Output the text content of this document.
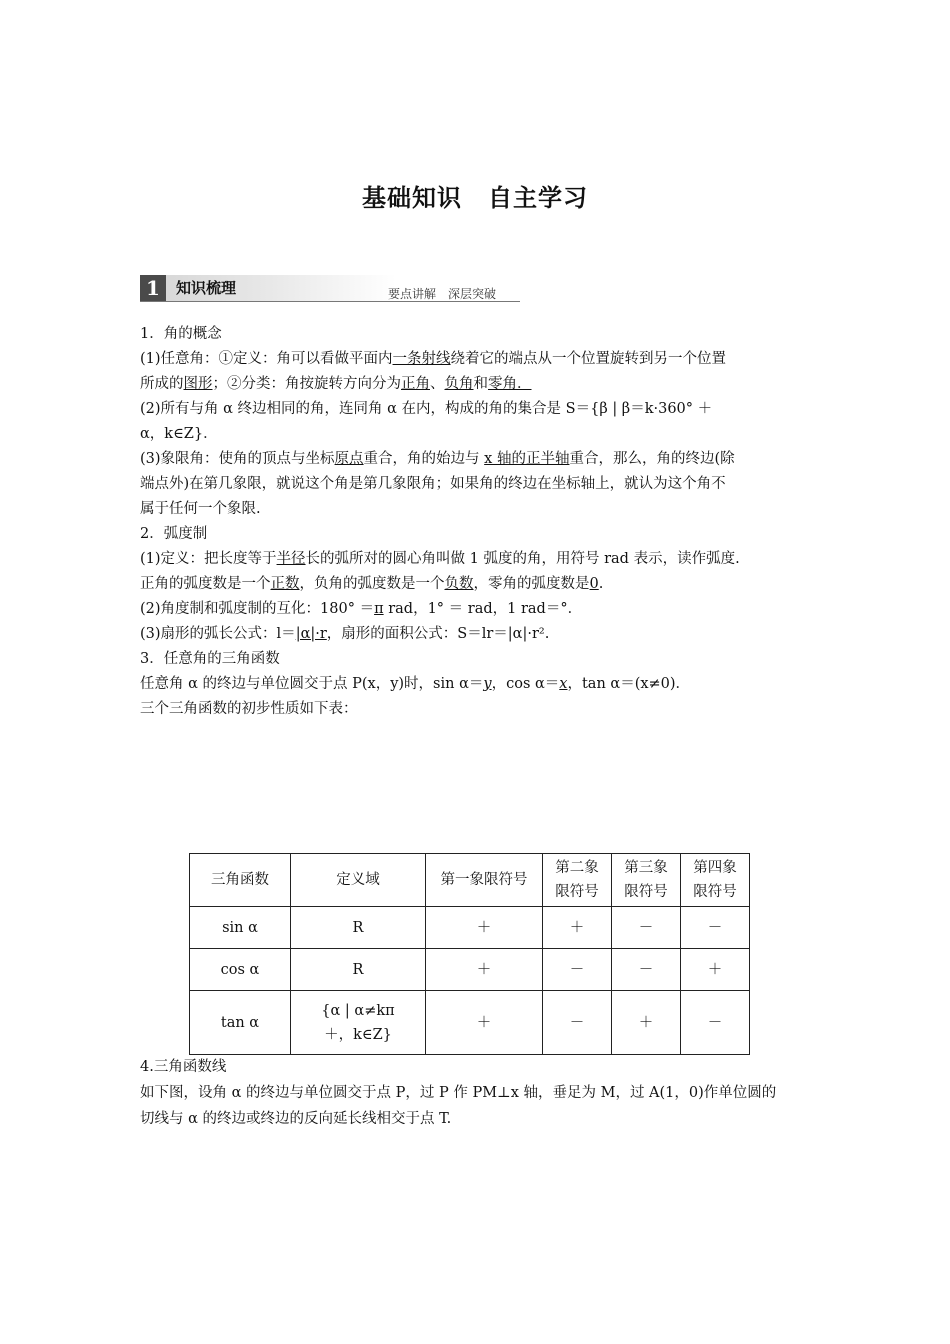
基础知识 自主学习
1	知识梳理	要点讲解　深层突破

1．角的概念

(1)任意角：①定义：角可以看做平面内一条射线绕着它的端点从一个位置旋转到另一个位置

所成的图形；②分类：角按旋转方向分为正角、负角和零角．

(2)所有与角 α 终边相同的角，连同角 α 在内，构成的角的集合是 S＝{β | β＝k·360° ＋

α，k∈Z}．

(3)象限角：使角的顶点与坐标原点重合，角的始边与 x 轴的正半轴重合，那么，角的终边(除

端点外)在第几象限，就说这个角是第几象限角；如果角的终边在坐标轴上，就认为这个角不

属于任何一个象限.

2．弧度制

(1)定义：把长度等于半径长的弧所对的圆心角叫做 1 弧度的角，用符号 rad 表示，读作弧度.

正角的弧度数是一个正数，负角的弧度数是一个负数，零角的弧度数是0.

(2)角度制和弧度制的互化：180° ＝π rad，1° ＝ rad，1 rad＝°．

(3)扇形的弧长公式：l＝|α|·r，扇形的面积公式：S＝lr＝|α|·r².

3．任意角的三角函数

任意角 α 的终边与单位圆交于点 P(x，y)时，sin α＝y，cos α＝x，tan α＝(x≠0)．

三个三角函数的初步性质如下表：

三角函数	定义域	第一象限符号	第二象
限符号	第三象
限符号	第四象
限符号
sin α	R	＋	＋	－	－
cos α	R	＋	－	－	＋
tan α	{α | α≠kπ
＋，k∈Z}	＋	－	＋	－

4.三角函数线

如下图，设角 α 的终边与单位圆交于点 P，过 P 作 PM⊥x 轴，垂足为 M，过 A(1，0)作单位圆的

切线与 α 的终边或终边的反向延长线相交于点 T.
